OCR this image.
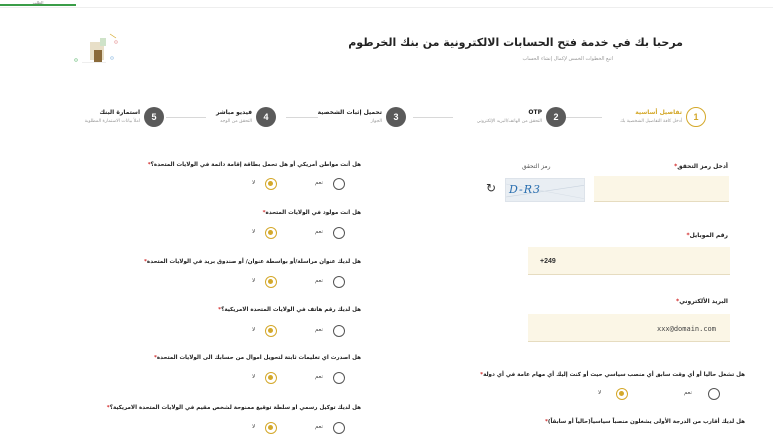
الطلب
مرحبا بك في خدمة فتح الحسابات الالكترونية من بنك الخرطوم
اتبع الخطوات الخمس لإكمال إنشاء الحساب
1
تفاصيل أساسية
أدخل كافة التفاصيل الشخصية بك
2
OTP
التحقق من الهاتف/البريد الإلكتروني
3
تحميل إثبات الشخصية
الجواز
4
فيديو مباشر
التحقق من الوجه
5
استمارة البنك
املأ بيانات الاستمارة المطلوبة
أدخل رمز التحقق*
رمز التحقق
D-R3
↻
رقم الموبايل*
+249
البريد الألكتروني*
xxx@domain.com
هل تشغل حاليا أو أي وقت سابق أي منصب سياسي حيث أو كنت إليك أي مهام عامة في أي دولة*
نعم
لا
هل لديك أقارب من الدرجة الأولى يشغلون منصباً سياسياً(حالياً أو سابقاً)*
هل أنت مواطن أمريكي أو هل تحمل بطاقة إقامة دائمة في الولايات المتحدة؟*
نعم
لا
هل انت مولود في الولايات المتحدة*
نعم
لا
هل لديك عنوان مراسلة/أو بواسطة عنوان/ أو صندوق بريد في الولايات المتحدة*
نعم
لا
هل لديك رقم هاتف في الولايات المتحدة الامريكية؟*
نعم
لا
هل اصدرت اي تعليمات ثابتة لتحويل اموال من حسابك الى الولايات المتحدة*
نعم
لا
هل لديك توكيل رسمي او سلطة توقيع ممنوحة لشخص مقيم في الولايات المتحدة الامريكية؟*
نعم
لا
